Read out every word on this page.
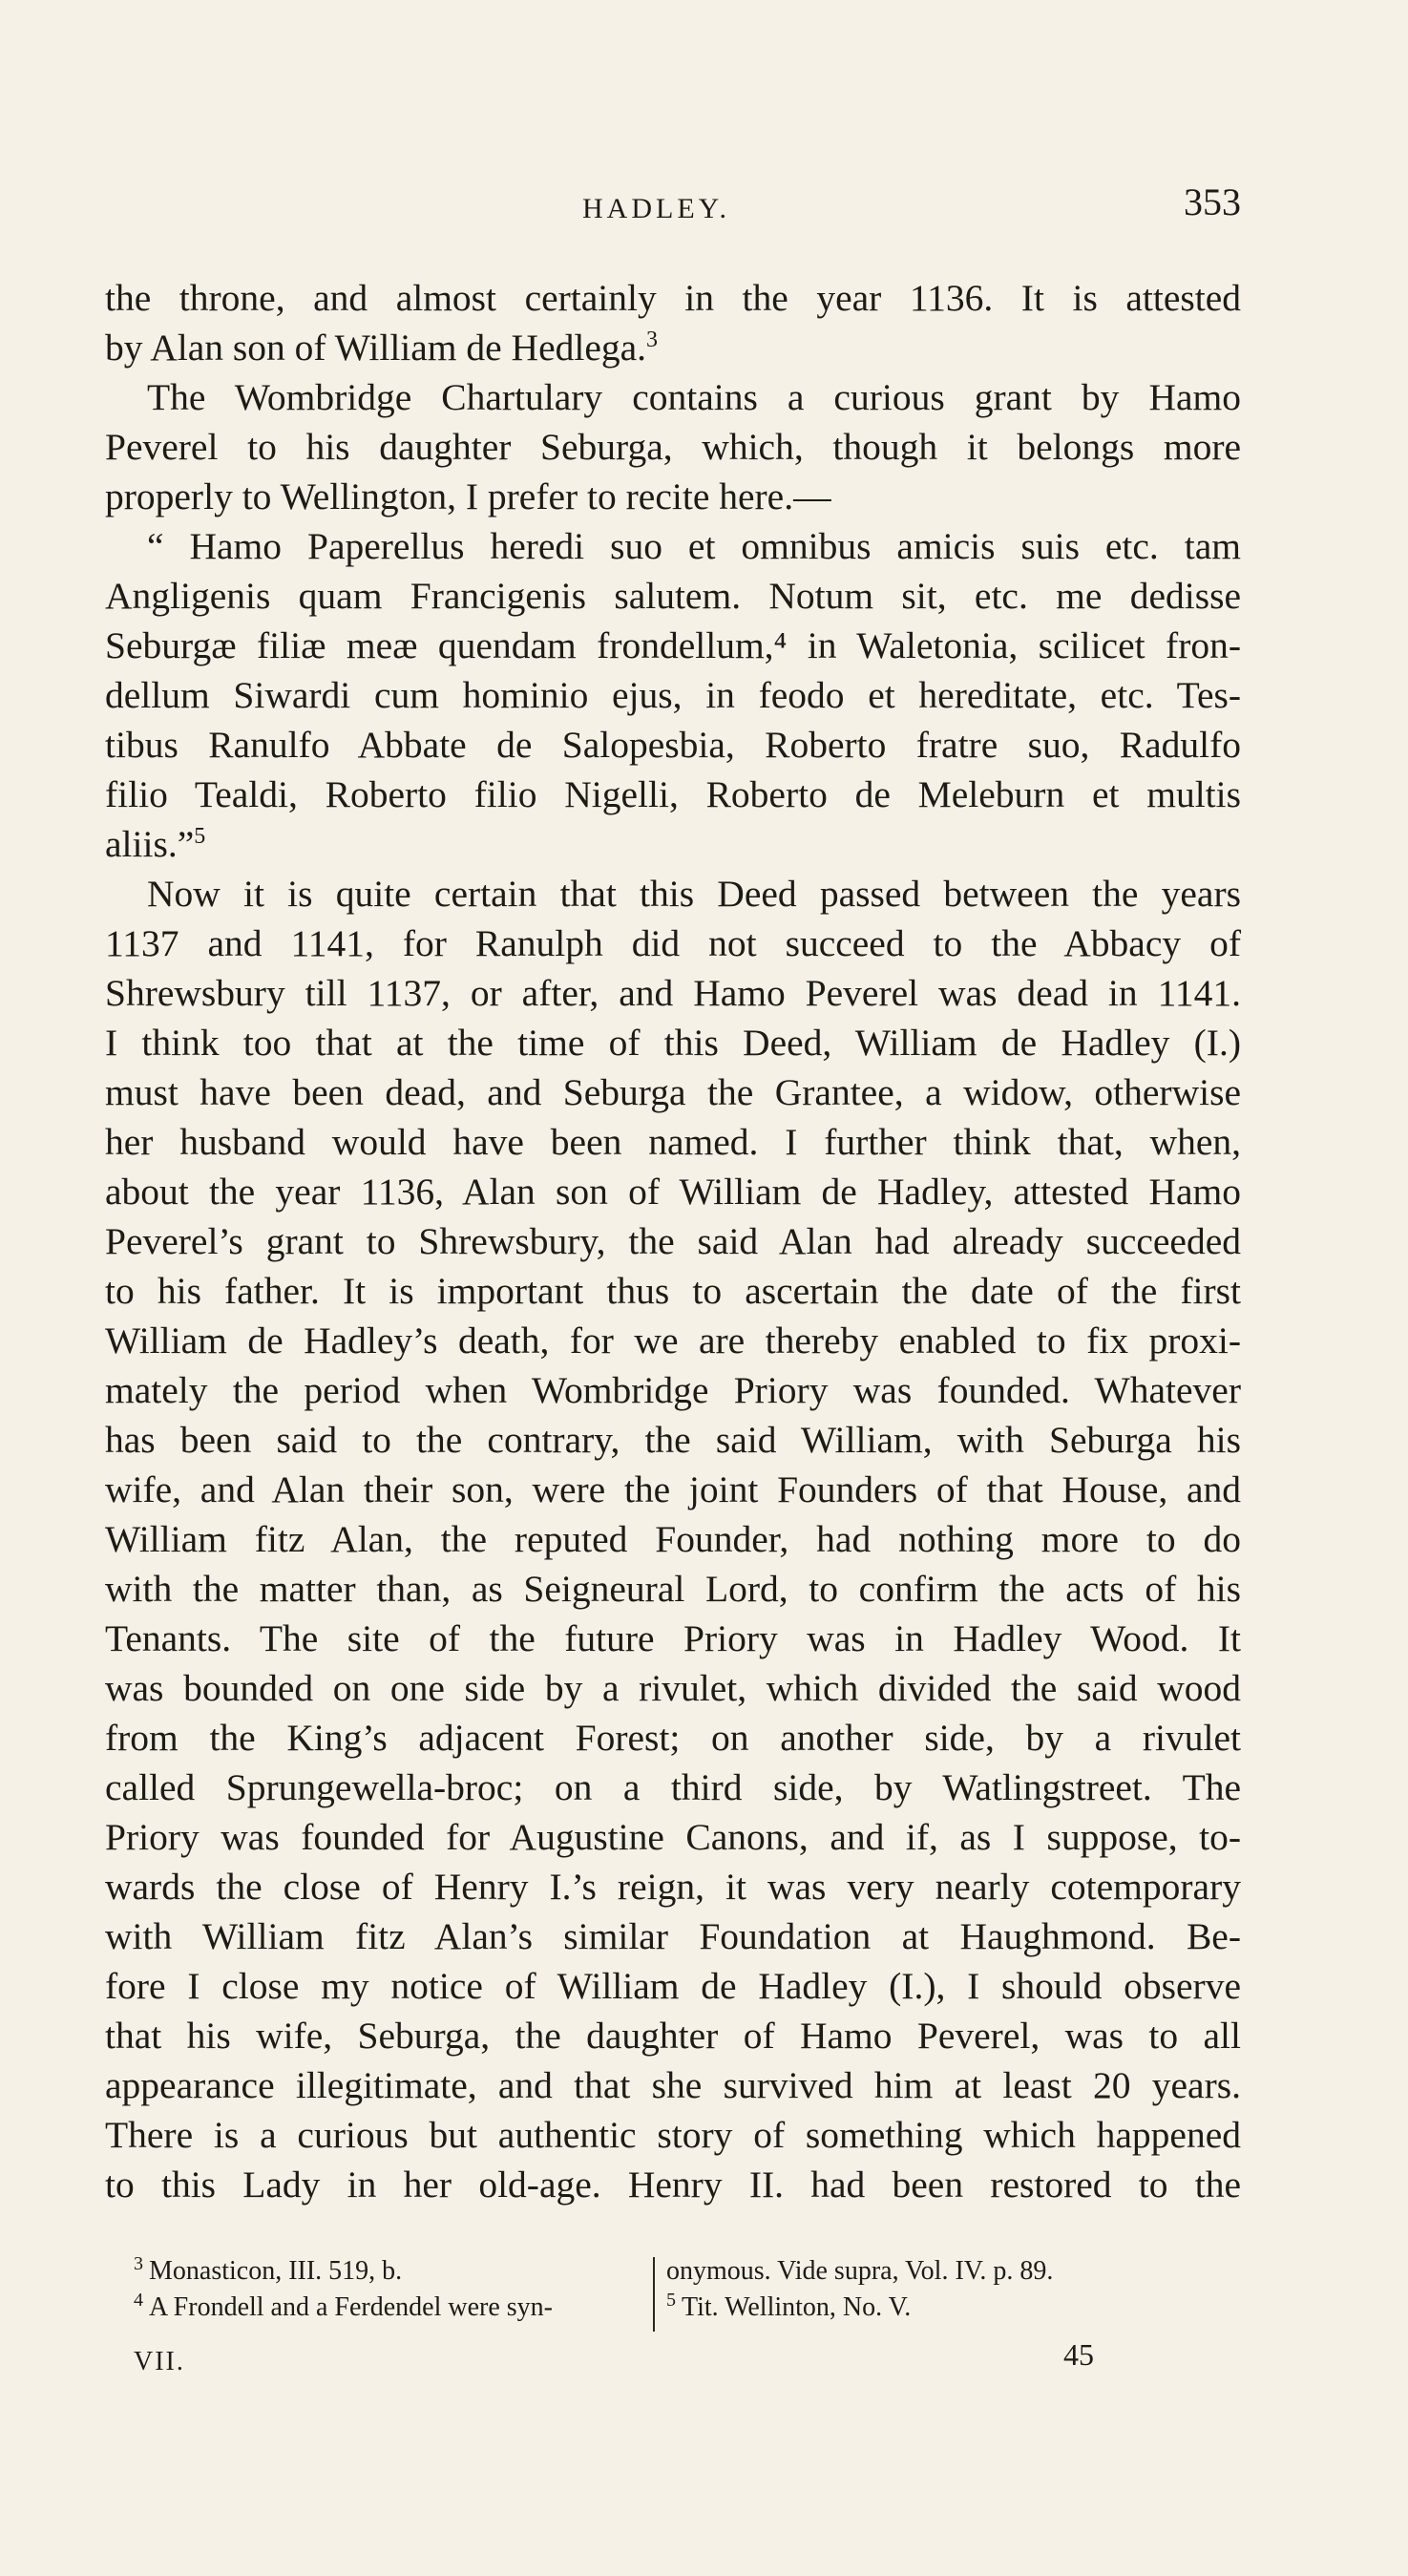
HADLEY.	353
the throne, and almost certainly in the year 1136. It is attested
by Alan son of William de Hedlega.$^3$
The Wombridge Chartulary contains a curious grant by Hamo
Peverel to his daughter Seburga, which, though it belongs more
properly to Wellington, I prefer to recite here.—
“ Hamo Paperellus heredi suo et omnibus amicis suis etc. tam
Angligenis quam Francigenis salutem. Notum sit, etc. me dedisse
Seburgæ filiæ meæ quendam frondellum,⁴ in Waletonia, scilicet fron-
dellum Siwardi cum hominio ejus, in feodo et hereditate, etc. Tes-
tibus Ranulfo Abbate de Salopesbia, Roberto fratre suo, Radulfo
filio Tealdi, Roberto filio Nigelli, Roberto de Meleburn et multis
aliis.”$^5$
Now it is quite certain that this Deed passed between the years
1137 and 1141, for Ranulph did not succeed to the Abbacy of
Shrewsbury till 1137, or after, and Hamo Peverel was dead in 1141.
I think too that at the time of this Deed, William de Hadley (I.)
must have been dead, and Seburga the Grantee, a widow, otherwise
her husband would have been named. I further think that, when,
about the year 1136, Alan son of William de Hadley, attested Hamo
Peverel’s grant to Shrewsbury, the said Alan had already succeeded
to his father. It is important thus to ascertain the date of the first
William de Hadley’s death, for we are thereby enabled to fix proxi-
mately the period when Wombridge Priory was founded. Whatever
has been said to the contrary, the said William, with Seburga his
wife, and Alan their son, were the joint Founders of that House, and
William fitz Alan, the reputed Founder, had nothing more to do
with the matter than, as Seigneural Lord, to confirm the acts of his
Tenants. The site of the future Priory was in Hadley Wood. It
was bounded on one side by a rivulet, which divided the said wood
from the King’s adjacent Forest; on another side, by a rivulet
called Sprungewella-broc; on a third side, by Watlingstreet. The
Priory was founded for Augustine Canons, and if, as I suppose, to-
wards the close of Henry I.’s reign, it was very nearly cotemporary
with William fitz Alan’s similar Foundation at Haughmond. Be-
fore I close my notice of William de Hadley (I.), I should observe
that his wife, Seburga, the daughter of Hamo Peverel, was to all
appearance illegitimate, and that she survived him at least 20 years.
There is a curious but authentic story of something which happened
to this Lady in her old-age. Henry II. had been restored to the
$^3$ Monasticon, III. 519, b.
$^4$ A Frondell and a Ferdendel were syn-
onymous. Vide supra, Vol. IV. p. 89.
$^5$ Tit. Wellinton, No. V.
VII.	45
